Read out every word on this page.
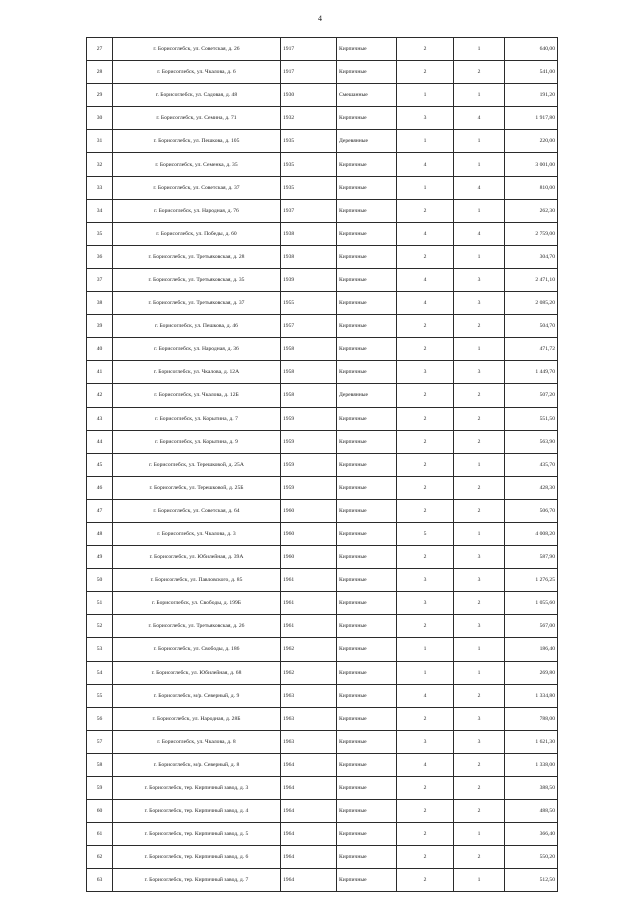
4
27	г. Борисоглебск, ул. Советская, д. 26	1917	Кирпичные	2	1	640,00
28	г. Борисоглебск, ул. Чкалова, д. 6	1917	Кирпичные	2	2	541,00
29	г. Борисоглебск, ул. Садовая, д. 48	1930	Смешанные	1	1	191,20
30	г. Борисоглебск, ул. Семина, д. 71	1932	Кирпичные	3	4	1 917,80
31	г. Борисоглебск, ул. Пешкова, д. 105	1935	Деревянные	1	1	220,00
32	г. Борисоглебск, ул. Семенка, д. 35	1935	Кирпичные	4	1	3 001,00
33	г. Борисоглебск, ул. Советская, д. 37	1935	Кирпичные	1	4	810,00
34	г. Борисоглебск, ул. Народная, д. 76	1937	Кирпичные	2	1	262,30
35	г. Борисоглебск, ул. Победы, д. 60	1938	Кирпичные	4	4	2 759,00
36	г. Борисоглебск, ул. Третьяковская, д. 28	1938	Кирпичные	2	1	304,70
37	г. Борисоглебск, ул. Третьяковская, д. 35	1939	Кирпичные	4	3	2 471,10
38	г. Борисоглебск, ул. Третьяковская, д. 37	1955	Кирпичные	4	3	2 085,20
39	г. Борисоглебск, ул. Пешкова, д. 46	1957	Кирпичные	2	2	504,70
40	г. Борисоглебск, ул. Народная, д. 36	1958	Кирпичные	2	1	471,72
41	г. Борисоглебск, ул. Чкалова, д. 12А	1958	Кирпичные	3	3	1 449,70
42	г. Борисоглебск, ул. Чкалова, д. 12Б	1958	Деревянные	2	2	507,20
43	г. Борисоглебск, ул. Корытина, д. 7	1959	Кирпичные	2	2	551,50
44	г. Борисоглебск, ул. Корытина, д. 9	1959	Кирпичные	2	2	563,90
45	г. Борисоглебск, ул. Терешковой, д. 25А	1959	Кирпичные	2	1	435,70
46	г. Борисоглебск, ул. Терешковой, д. 25Б	1959	Кирпичные	2	2	428,30
47	г. Борисоглебск, ул. Советская, д. 64	1960	Кирпичные	2	2	506,70
48	г. Борисоглебск, ул. Чкалова, д. 3	1960	Кирпичные	5	1	4 008,20
49	г. Борисоглебск, ул. Юбилейная, д. 39А	1960	Кирпичные	2	3	587,90
50	г. Борисоглебск, ул. Павловского, д. 85	1961	Кирпичные	3	3	1 276,25
51	г. Борисоглебск, ул. Свободы, д. 199Б	1961	Кирпичные	3	2	1 055,60
52	г. Борисоглебск, ул. Третьяковская, д. 26	1961	Кирпичные	2	3	567,00
53	г. Борисоглебск, ул. Свободы, д. 186	1962	Кирпичные	1	1	186,40
54	г. Борисоглебск, ул. Юбилейная, д. 68	1962	Кирпичные	1	1	269,80
55	г. Борисоглебск, м/р. Северный, д. 9	1963	Кирпичные	4	2	1 334,80
56	г. Борисоглебск, ул. Народная, д. 28Б	1963	Кирпичные	2	3	788,00
57	г. Борисоглебск, ул. Чкалова, д. 8	1963	Кирпичные	3	3	1 621,30
58	г. Борисоглебск, м/р. Северный, д. 8	1964	Кирпичные	4	2	1 338,00
59	г. Борисоглебск, тер. Кирпичный завод, д. 3	1964	Кирпичные	2	2	388,50
60	г. Борисоглебск, тер. Кирпичный завод, д. 4	1964	Кирпичные	2	2	488,50
61	г. Борисоглебск, тер. Кирпичный завод, д. 5	1964	Кирпичные	2	1	366,40
62	г. Борисоглебск, тер. Кирпичный завод, д. 6	1964	Кирпичные	2	2	550,20
63	г. Борисоглебск, тер. Кирпичный завод, д. 7	1964	Кирпичные	2	1	512,50
